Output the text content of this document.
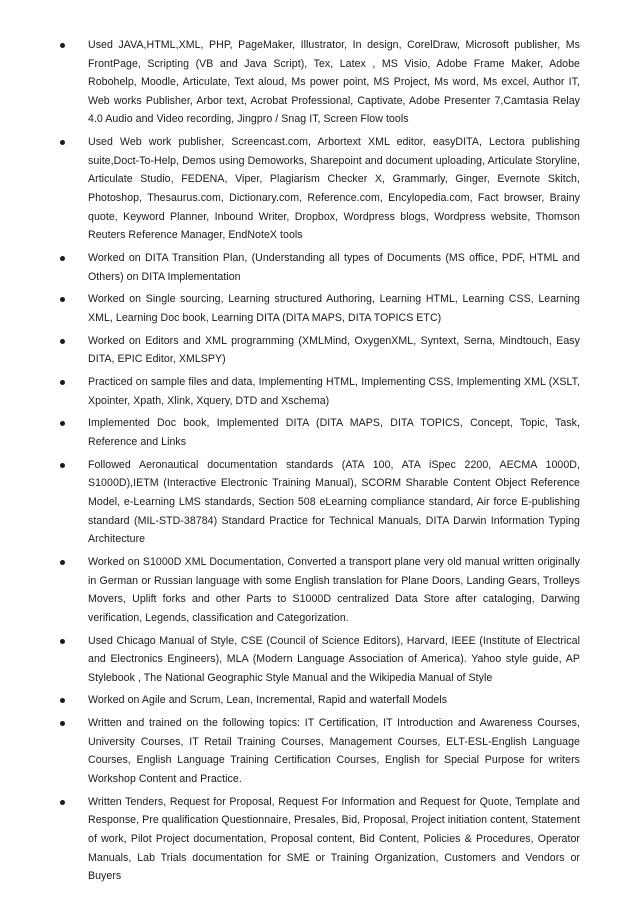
Used JAVA,HTML,XML, PHP, PageMaker, Illustrator, In design, CorelDraw, Microsoft publisher, Ms FrontPage, Scripting (VB and Java Script), Tex, Latex , MS Visio, Adobe Frame Maker, Adobe Robohelp, Moodle, Articulate, Text aloud, Ms power point, MS Project, Ms word, Ms excel, Author IT, Web works Publisher, Arbor text, Acrobat Professional, Captivate, Adobe Presenter 7,Camtasia Relay 4.0 Audio and Video recording, Jingpro / Snag IT, Screen Flow tools
Used Web work publisher, Screencast.com, Arbortext XML editor, easyDITA, Lectora publishing suite,Doct-To-Help, Demos using Demoworks, Sharepoint and document uploading, Articulate Storyline, Articulate Studio, FEDENA, Viper, Plagiarism Checker X, Grammarly, Ginger, Evernote Skitch, Photoshop, Thesaurus.com, Dictionary.com, Reference.com, Encylopedia.com, Fact browser, Brainy quote, Keyword Planner, Inbound Writer, Dropbox, Wordpress blogs, Wordpress website, Thomson Reuters Reference Manager, EndNoteX tools
Worked on DITA Transition Plan, (Understanding all types of Documents (MS office, PDF, HTML and Others) on DITA Implementation
Worked on Single sourcing, Learning structured Authoring, Learning HTML, Learning CSS, Learning XML, Learning Doc book, Learning DITA (DITA MAPS, DITA TOPICS ETC)
Worked on Editors and XML programming (XMLMind, OxygenXML, Syntext, Serna, Mindtouch, Easy DITA, EPIC Editor, XMLSPY)
Practiced on sample files and data, Implementing HTML, Implementing CSS, Implementing XML (XSLT, Xpointer, Xpath, Xlink, Xquery, DTD and Xschema)
Implemented Doc book, Implemented DITA (DITA MAPS, DITA TOPICS, Concept, Topic, Task, Reference and Links
Followed Aeronautical documentation standards (ATA 100, ATA iSpec 2200, AECMA 1000D, S1000D),IETM (Interactive Electronic Training Manual), SCORM Sharable Content Object Reference Model, e-Learning LMS standards, Section 508 eLearning compliance standard, Air force E-publishing standard (MIL-STD-38784) Standard Practice for Technical Manuals, DITA Darwin Information Typing Architecture
Worked on S1000D XML Documentation, Converted a transport plane very old manual written originally in German or Russian language with some English translation for Plane Doors, Landing Gears, Trolleys Movers, Uplift forks and other Parts to S1000D centralized Data Store after cataloging, Darwing verification, Legends, classification and Categorization.
Used Chicago Manual of Style, CSE (Council of Science Editors), Harvard, IEEE (Institute of Electrical and Electronics Engineers), MLA (Modern Language Association of America). Yahoo style guide, AP Stylebook , The National Geographic Style Manual and the Wikipedia Manual of Style
Worked on Agile and Scrum, Lean, Incremental, Rapid and waterfall Models
Written and trained on the following topics: IT Certification, IT Introduction and Awareness Courses, University Courses, IT Retail Training Courses, Management Courses, ELT-ESL-English Language Courses, English Language Training Certification Courses, English for Special Purpose for writers Workshop Content and Practice.
Written Tenders, Request for Proposal, Request For Information and Request for Quote, Template and Response, Pre qualification Questionnaire, Presales, Bid, Proposal, Project initiation content, Statement of work, Pilot Project documentation, Proposal content, Bid Content, Policies & Procedures, Operator Manuals, Lab Trials documentation for SME or Training Organization, Customers and Vendors or Buyers
